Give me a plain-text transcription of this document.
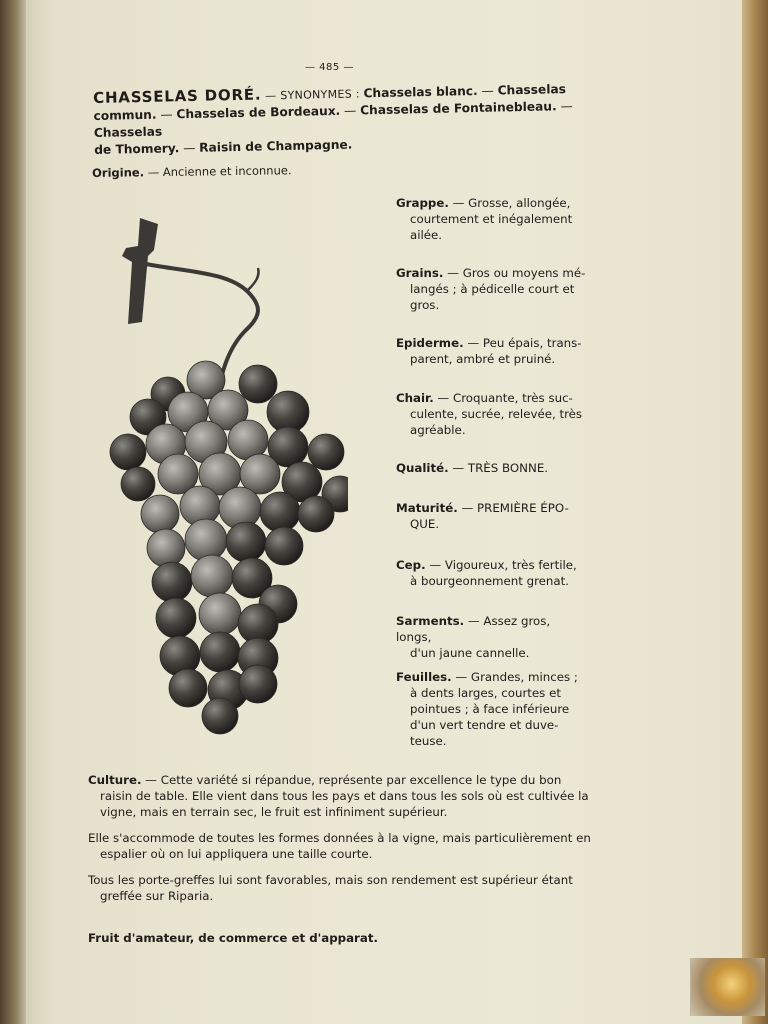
— 485 —
CHASSELAS DORÉ. — SYNONYMES : Chasselas blanc. — Chasselas
commun. — Chasselas de Bordeaux. — Chasselas de Fontainebleau. — Chasselas
de Thomery. — Raisin de Champagne.
Origine. — Ancienne et inconnue.
Grappe. — Grosse, allongée,
courtement et inégalement
ailée.
Grains. — Gros ou moyens mé-
langés ; à pédicelle court et
gros.
Epiderme. — Peu épais, trans-
parent, ambré et pruiné.
Chair. — Croquante, très suc-
culente, sucrée, relevée, très
agréable.
Qualité. — TRÈS BONNE.
Maturité. — PREMIÈRE ÉPO-
QUE.
Cep. — Vigoureux, très fertile,
à bourgeonnement grenat.
Sarments. — Assez gros, longs,
d'un jaune cannelle.
Feuilles. — Grandes, minces ;
à dents larges, courtes et
pointues ; à face inférieure
d'un vert tendre et duve-
teuse.
Culture. — Cette variété si répandue, représente par excellence le type du bon
raisin de table. Elle vient dans tous les pays et dans tous les sols où est cultivée la
vigne, mais en terrain sec, le fruit est infiniment supérieur.
Elle s'accommode de toutes les formes données à la vigne, mais particulièrement en
espalier où on lui appliquera une taille courte.
Tous les porte-greffes lui sont favorables, mais son rendement est supérieur étant
greffée sur Riparia.
Fruit d'amateur, de commerce et d'apparat.
